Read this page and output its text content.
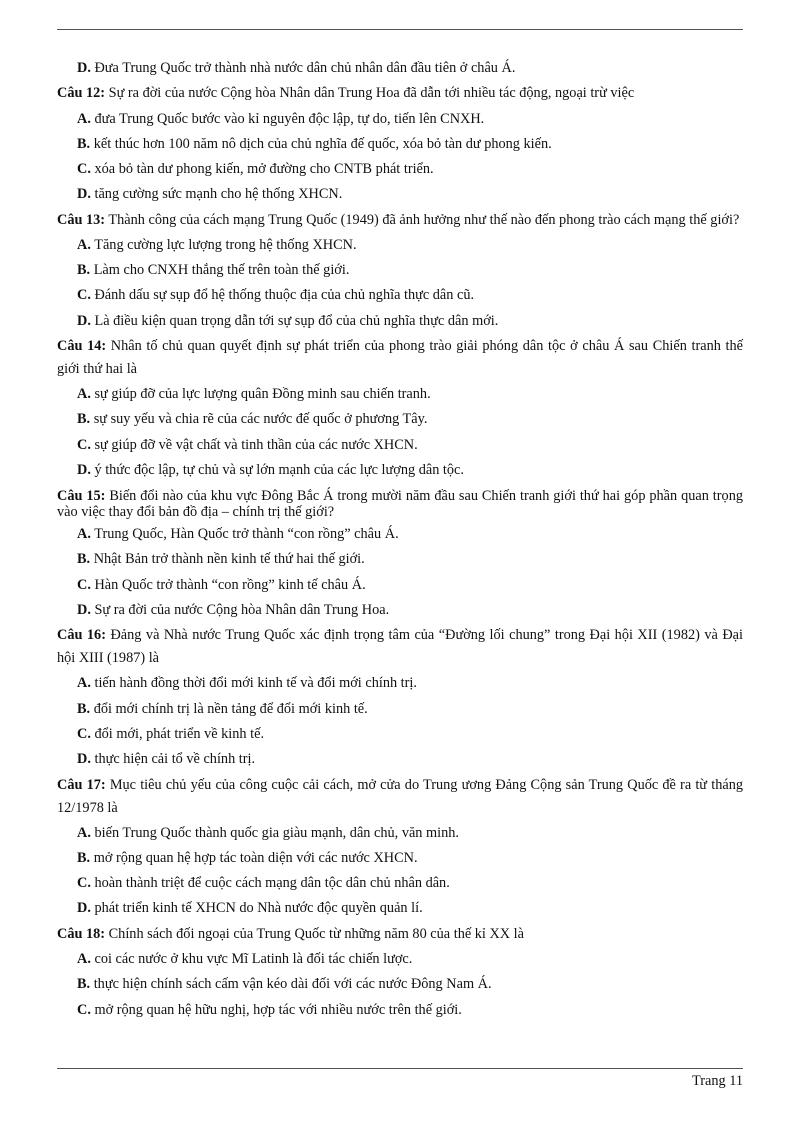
D. Đưa Trung Quốc trở thành nhà nước dân chủ nhân dân đầu tiên ở châu Á.
Câu 12: Sự ra đời của nước Cộng hòa Nhân dân Trung Hoa đã dẫn tới nhiều tác động, ngoại trừ việc
A. đưa Trung Quốc bước vào kỉ nguyên độc lập, tự do, tiến lên CNXH.
B. kết thúc hơn 100 năm nô dịch của chủ nghĩa đế quốc, xóa bỏ tàn dư phong kiến.
C. xóa bỏ tàn dư phong kiến, mở đường cho CNTB phát triển.
D. tăng cường sức mạnh cho hệ thống XHCN.
Câu 13: Thành công của cách mạng Trung Quốc (1949) đã ảnh hưởng như thế nào đến phong trào cách mạng thế giới?
A. Tăng cường lực lượng trong hệ thống XHCN.
B. Làm cho CNXH thắng thế trên toàn thế giới.
C. Đánh dấu sự sụp đổ hệ thống thuộc địa của chủ nghĩa thực dân cũ.
D. Là điều kiện quan trọng dẫn tới sự sụp đổ của chủ nghĩa thực dân mới.
Câu 14: Nhân tố chủ quan quyết định sự phát triển của phong trào giải phóng dân tộc ở châu Á sau Chiến tranh thế giới thứ hai là
A. sự giúp đỡ của lực lượng quân Đồng minh sau chiến tranh.
B. sự suy yếu và chia rẽ của các nước đế quốc ở phương Tây.
C. sự giúp đỡ về vật chất và tinh thần của các nước XHCN.
D. ý thức độc lập, tự chủ và sự lớn mạnh của các lực lượng dân tộc.
Câu 15: Biến đổi nào của khu vực Đông Bắc Á trong mười năm đầu sau Chiến tranh giới thứ hai góp phần quan trọng vào việc thay đổi bản đồ địa – chính trị thế giới?
A. Trung Quốc, Hàn Quốc trở thành “con rồng” châu Á.
B. Nhật Bản trở thành nền kinh tế thứ hai thế giới.
C. Hàn Quốc trở thành “con rồng” kinh tế châu Á.
D. Sự ra đời của nước Cộng hòa Nhân dân Trung Hoa.
Câu 16: Đảng và Nhà nước Trung Quốc xác định trọng tâm của “Đường lối chung” trong Đại hội XII (1982) và Đại hội XIII (1987) là
A. tiến hành đồng thời đổi mới kinh tế và đổi mới chính trị.
B. đổi mới chính trị là nền tảng để đổi mới kinh tế.
C. đổi mới, phát triển về kinh tế.
D. thực hiện cải tổ về chính trị.
Câu 17: Mục tiêu chủ yếu của công cuộc cải cách, mở cửa do Trung ương Đảng Cộng sản Trung Quốc đề ra từ tháng 12/1978 là
A. biến Trung Quốc thành quốc gia giàu mạnh, dân chủ, văn minh.
B. mở rộng quan hệ hợp tác toàn diện với các nước XHCN.
C. hoàn thành triệt để cuộc cách mạng dân tộc dân chủ nhân dân.
D. phát triển kinh tế XHCN do Nhà nước độc quyền quản lí.
Câu 18: Chính sách đối ngoại của Trung Quốc từ những năm 80 của thế kỉ XX là
A. coi các nước ở khu vực Mĩ Latinh là đối tác chiến lược.
B. thực hiện chính sách cấm vận kéo dài đối với các nước Đông Nam Á.
C. mở rộng quan hệ hữu nghị, hợp tác với nhiều nước trên thế giới.
Trang 11
